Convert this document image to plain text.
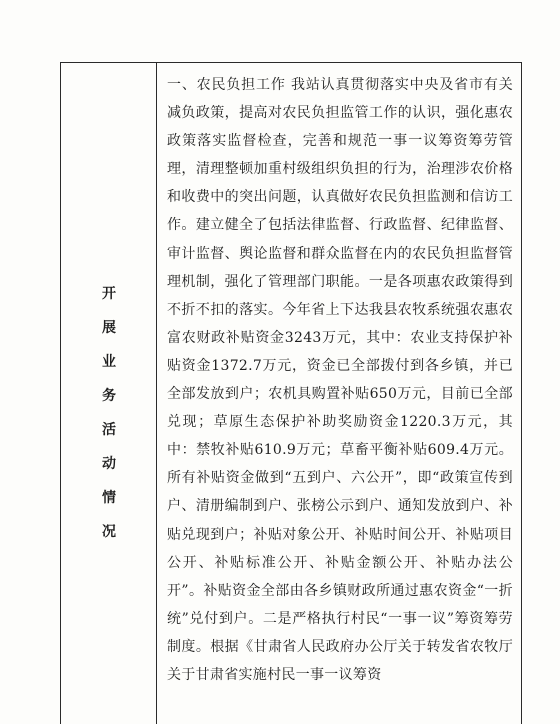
开
展
业
务
活
动
情
况

一、农民负担工作 我站认真贯彻落实中央及省市有关减负政策，提高对农民负担监管工作的认识，强化惠农政策落实监督检查，完善和规范一事一议筹资筹劳管理，清理整顿加重村级组织负担的行为，治理涉农价格和收费中的突出问题，认真做好农民负担监测和信访工作。建立健全了包括法律监督、行政监督、纪律监督、审计监督、舆论监督和群众监督在内的农民负担监督管理机制，强化了管理部门职能。一是各项惠农政策得到不折不扣的落实。今年省上下达我县农牧系统强农惠农富农财政补贴资金3243万元，其中：农业支持保护补贴资金1372.7万元，资金已全部拨付到各乡镇，并已全部发放到户；农机具购置补贴650万元，目前已全部兑现；草原生态保护补助奖励资金1220.3万元，其中：禁牧补贴610.9万元；草畜平衡补贴609.4万元。所有补贴资金做到“五到户、六公开”，即“政策宣传到户、清册编制到户、张榜公示到户、通知发放到户、补贴兑现到户；补贴对象公开、补贴时间公开、补贴项目公开、补贴标准公开、补贴金额公开、补贴办法公开”。补贴资金全部由各乡镇财政所通过惠农资金“一折统”兑付到户。二是严格执行村民“一事一议”筹资筹劳制度。根据《甘肃省人民政府办公厅关于转发省农牧厅关于甘肃省实施村民一事一议筹资
